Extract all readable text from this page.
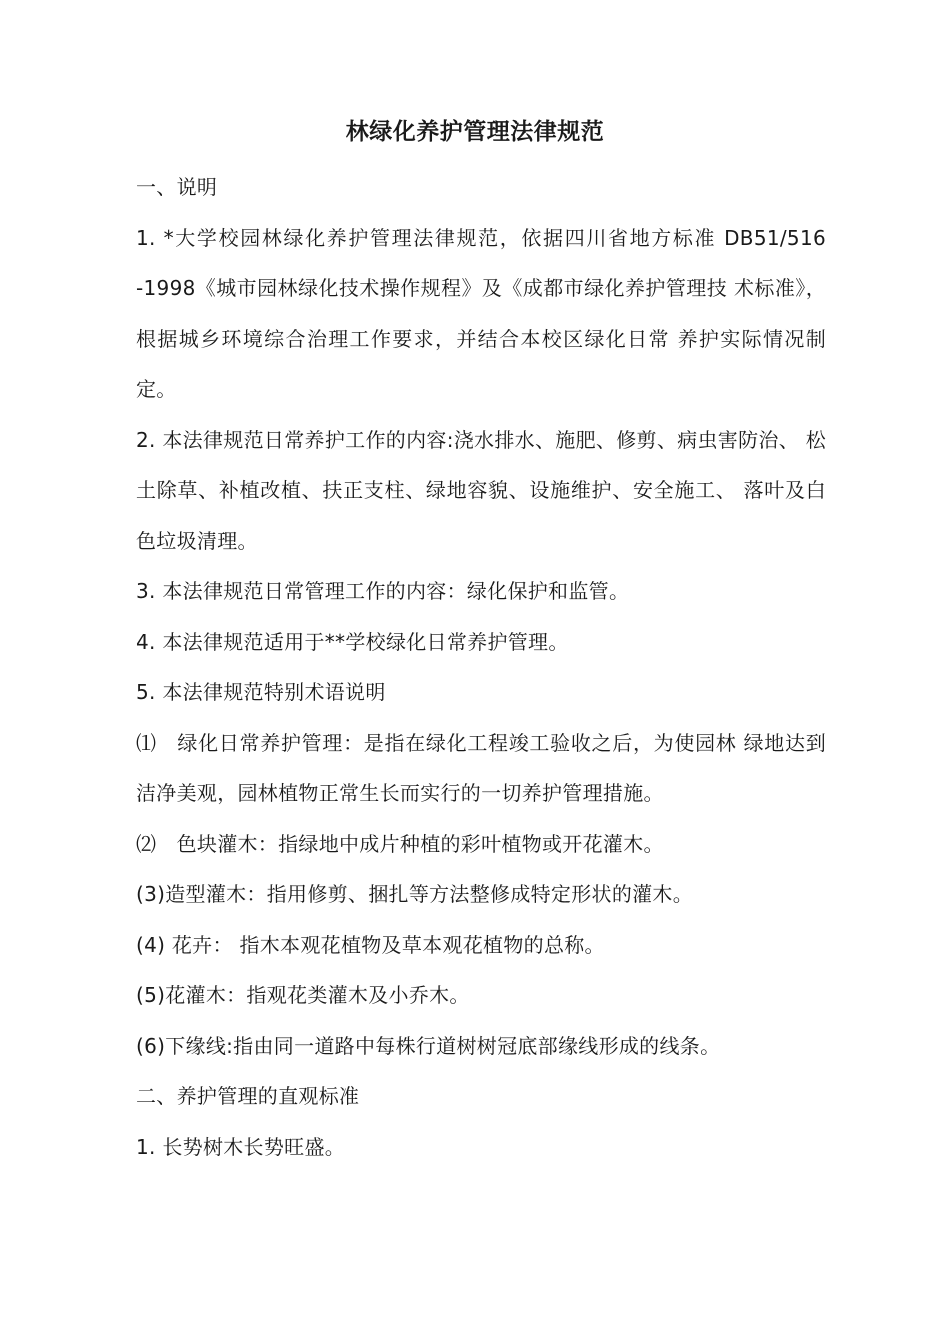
林绿化养护管理法律规范

一、说明

1. *大学校园林绿化养护管理法律规范，依据四川省地方标准 DB51/516 -1998《城市园林绿化技术操作规程》及《成都市绿化养护管理技 术标准》，根据城乡环境综合治理工作要求，并结合本校区绿化日常 养护实际情况制定。

2. 本法律规范日常养护工作的内容:浇水排水、施肥、修剪、病虫害防治、 松土除草、补植改植、扶正支柱、绿地容貌、设施维护、安全施工、 落叶及白色垃圾清理。

3. 本法律规范日常管理工作的内容：绿化保护和监管。

4. 本法律规范适用于**学校绿化日常养护管理。

5. 本法律规范特别术语说明

⑴　绿化日常养护管理：是指在绿化工程竣工验收之后，为使园林 绿地达到洁净美观，园林植物正常生长而实行的一切养护管理措施。

⑵　色块灌木：指绿地中成片种植的彩叶植物或开花灌木。

(3)造型灌木：指用修剪、捆扎等方法整修成特定形状的灌木。

(4) 花卉： 指木本观花植物及草本观花植物的总称。

(5)花灌木：指观花类灌木及小乔木。

(6)下缘线:指由同一道路中每株行道树树冠底部缘线形成的线条。

二、养护管理的直观标准

1. 长势树木长势旺盛。
